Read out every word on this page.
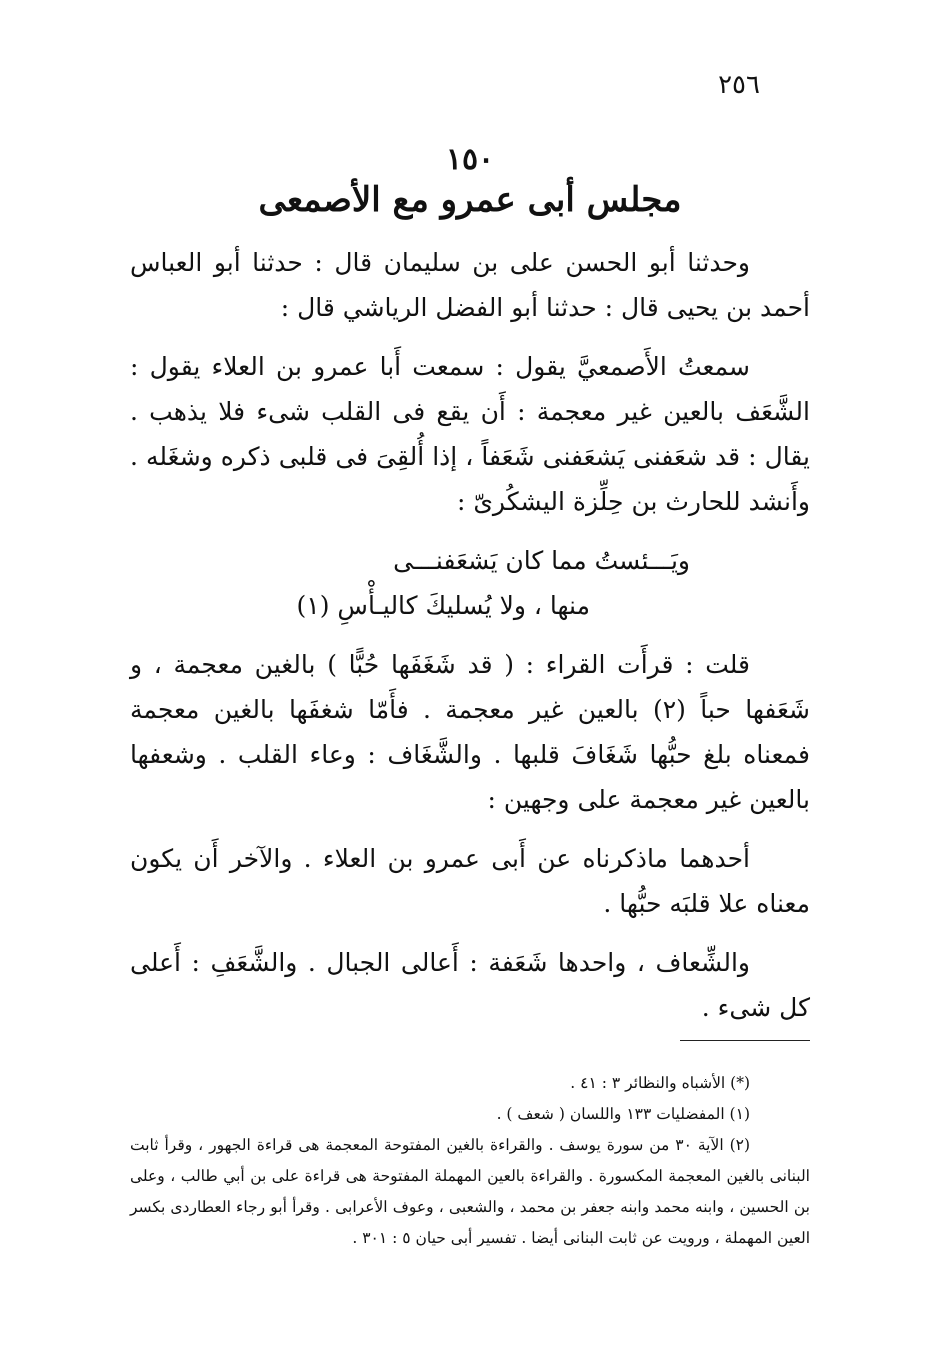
٢٥٦
١٥٠
مجلس أبى عمرو مع الأصمعى

وحدثنا أبو الحسن على بن سليمان قال : حدثنا أبو العباس أحمد بن يحيى قال : حدثنا أبو الفضل الرياشي قال :

سمعتُ الأَصمعيَّ يقول : سمعت أَبا عمرو بن العلاء يقول : الشَّعَف بالعين غير معجمة : أَن يقع فى القلب شىء فلا يذهب . يقال : قد شعَفنى يَشعَفنى شَعَفاً ، إذا أُلقِىَ فى قلبى ذكره وشغَله . وأَنشد للحارث بن حِلِّزة اليشكُرىّ :

ويَـــئستُ مما كان يَشعَفنـــى

منها ، ولا يُسليكَ كاليـأْسِ (١)

قلت : قرأَت القراء : ( قد شَغَفَها حُبًّا ) بالغين معجمة ، و شَعَفها حباً (٢) بالعين غير معجمة . فأَمّا شغفَها بالغين معجمة فمعناه بلغ حبُّها شَغَافَ قلبها . والشَّغَاف : وعاء القلب . وشعفها بالعين غير معجمة على وجهين :

أحدهما ماذكرناه عن أَبى عمرو بن العلاء . والآخر أَن يكون معناه علا قلبَه حبُّها .

والشِّعاف ، واحدها شَعَفة : أَعالى الجبال . والشَّعَفِ : أَعلى كل شىء .

(*) الأشباه والنظائر ٣ : ٤١ .

(١) المفضليات ١٣٣ واللسان ( شعف ) .

(٢) الآية ٣٠ من سورة يوسف . والقراءة بالغين المفتوحة المعجمة هى قراءة الجهور ، وقرأ ثابت البنانى بالغين المعجمة المكسورة . والقراءة بالعين المهملة المفتوحة هى قراءة على بن أبي طالب ، وعلى بن الحسين ، وابنه محمد وابنه جعفر بن محمد ، والشعبى ، وعوف الأعرابى . وقرأ أبو رجاء العطاردى بكسر العين المهملة ، ورويت عن ثابت البنانى أيضا . تفسير أبى حيان ٥ : ٣٠١ .
